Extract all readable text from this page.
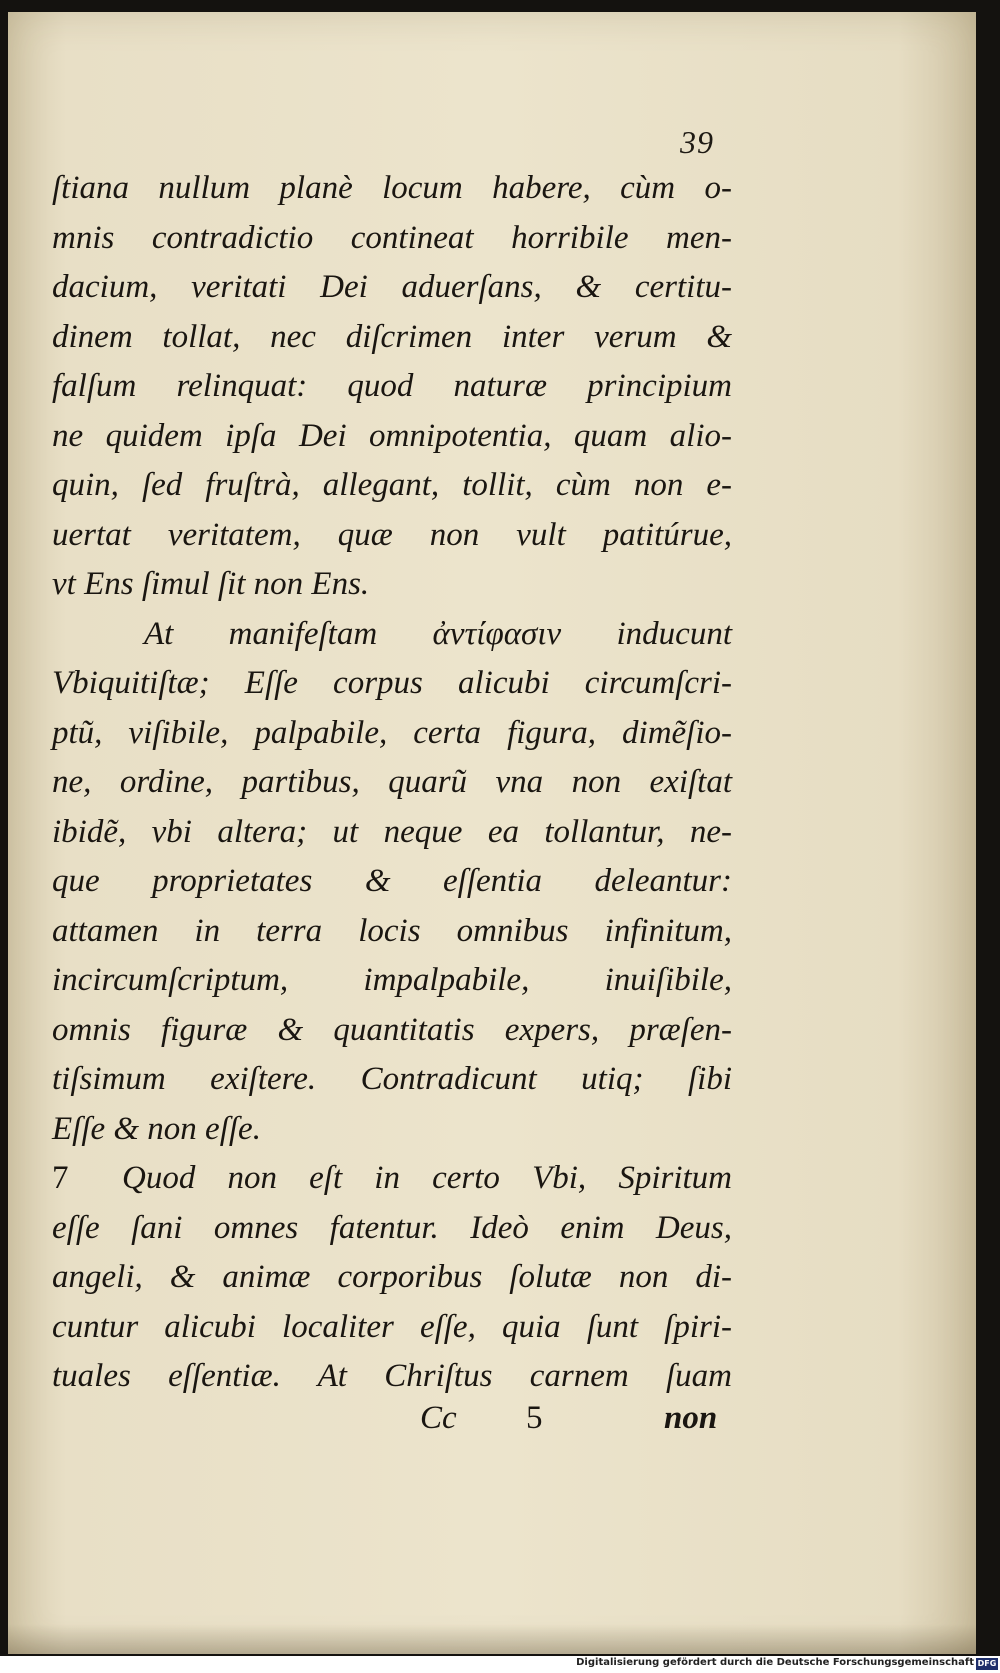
39
ſtiana nullum planè locum habere, cùm o-
mnis contradictio contineat horribile men-
dacium, veritati Dei aduerſans, & certitu-
dinem tollat, nec diſcrimen inter verum &
falſum relinquat: quod naturæ principium
ne quidem ipſa Dei omnipotentia, quam alio-
quin, ſed fruſtrà, allegant, tollit, cùm non e-
uertat veritatem, quæ non vult patitúrue,
vt Ens ſimul ſit non Ens.
At manifeſtam ἀντίφασιν inducunt
Vbiquitiſtæ; Eſſe corpus alicubi circumſcri-
ptũ, viſibile, palpabile, certa figura, dimẽſio-
ne, ordine, partibus, quarũ vna non exiſtat
ibidẽ, vbi altera; ut neque ea tollantur, ne-
que proprietates & eſſentia deleantur:
attamen in terra locis omnibus infinitum,
incircumſcriptum, impalpabile, inuiſibile,
omnis figuræ & quantitatis expers, præſen-
tiſsimum exiſtere. Contradicunt utiq; ſibi
Eſſe & non eſſe.
7 Quod non eſt in certo Vbi, Spiritum
eſſe ſani omnes fatentur. Ideò enim Deus,
angeli, & animæ corporibus ſolutæ non di-
cuntur alicubi localiter eſſe, quia ſunt ſpiri-
tuales eſſentiæ. At Chriſtus carnem ſuam
Cc 5	non
Digitalisierung gefördert durch die Deutsche Forschungsgemeinschaft DFG
